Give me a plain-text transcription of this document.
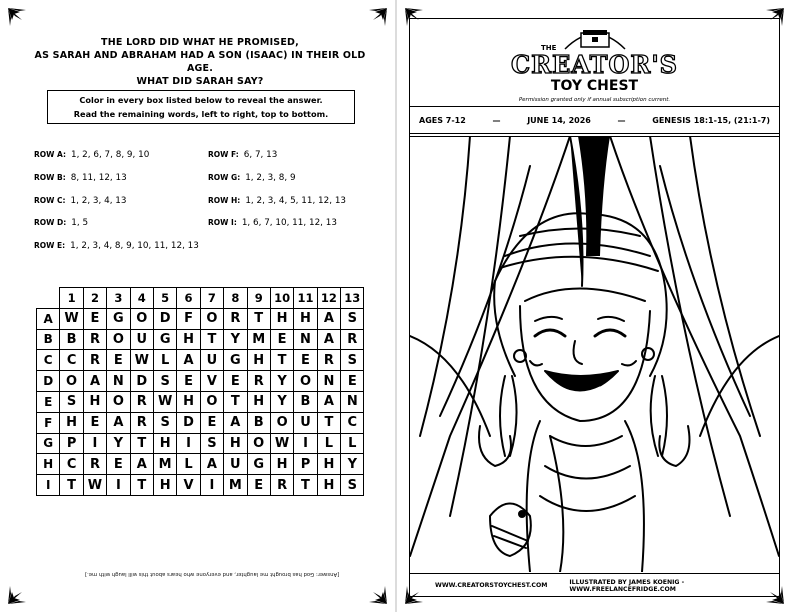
THE LORD DID WHAT HE PROMISED,
AS SARAH AND ABRAHAM HAD A SON (ISAAC) IN THEIR OLD AGE.
WHAT DID SARAH SAY?
Color in every box listed below to reveal the answer.
Read the remaining words, left to right, top to bottom.
ROW A: 1, 2, 6, 7, 8, 9, 10
ROW B: 8, 11, 12, 13
ROW C: 1, 2, 3, 4, 13
ROW D: 1, 5
ROW E: 1, 2, 3, 4, 8, 9, 10, 11, 12, 13
ROW F: 6, 7, 13
ROW G: 1, 2, 3, 8, 9
ROW H: 1, 2, 3, 4, 5, 11, 12, 13
ROW I: 1, 6, 7, 10, 11, 12, 13
	1	2	3	4	5	6	7	8	9	10	11	12	13
A	W	E	G	O	D	F	O	R	T	H	H	A	S
B	B	R	O	U	G	H	T	Y	M	E	N	A	R
C	C	R	E	W	L	A	U	G	H	T	E	R	S
D	O	A	N	D	S	E	V	E	R	Y	O	N	E
E	S	H	O	R	W	H	O	T	H	Y	B	A	N
F	H	E	A	R	S	D	E	A	B	O	U	T	C
G	P	I	Y	T	H	I	S	H	O	W	I	L	L
H	C	R	E	A	M	L	A	U	G	H	P	H	Y
I	T	W	I	T	H	V	I	M	E	R	T	H	S
[Answer: God has brought me laughter, and everyone who hears about this will laugh with me.]
THE
CREATOR'S
TOY CHEST
Permission granted only if annual subscription current.
AGES 7-12	—	JUNE 14, 2026	—	GENESIS 18:1-15, (21:1-7)
WWW.CREATORSTOYCHEST.COM	ILLUSTRATED BY JAMES KOENIG - WWW.FREELANCEFRIDGE.COM
